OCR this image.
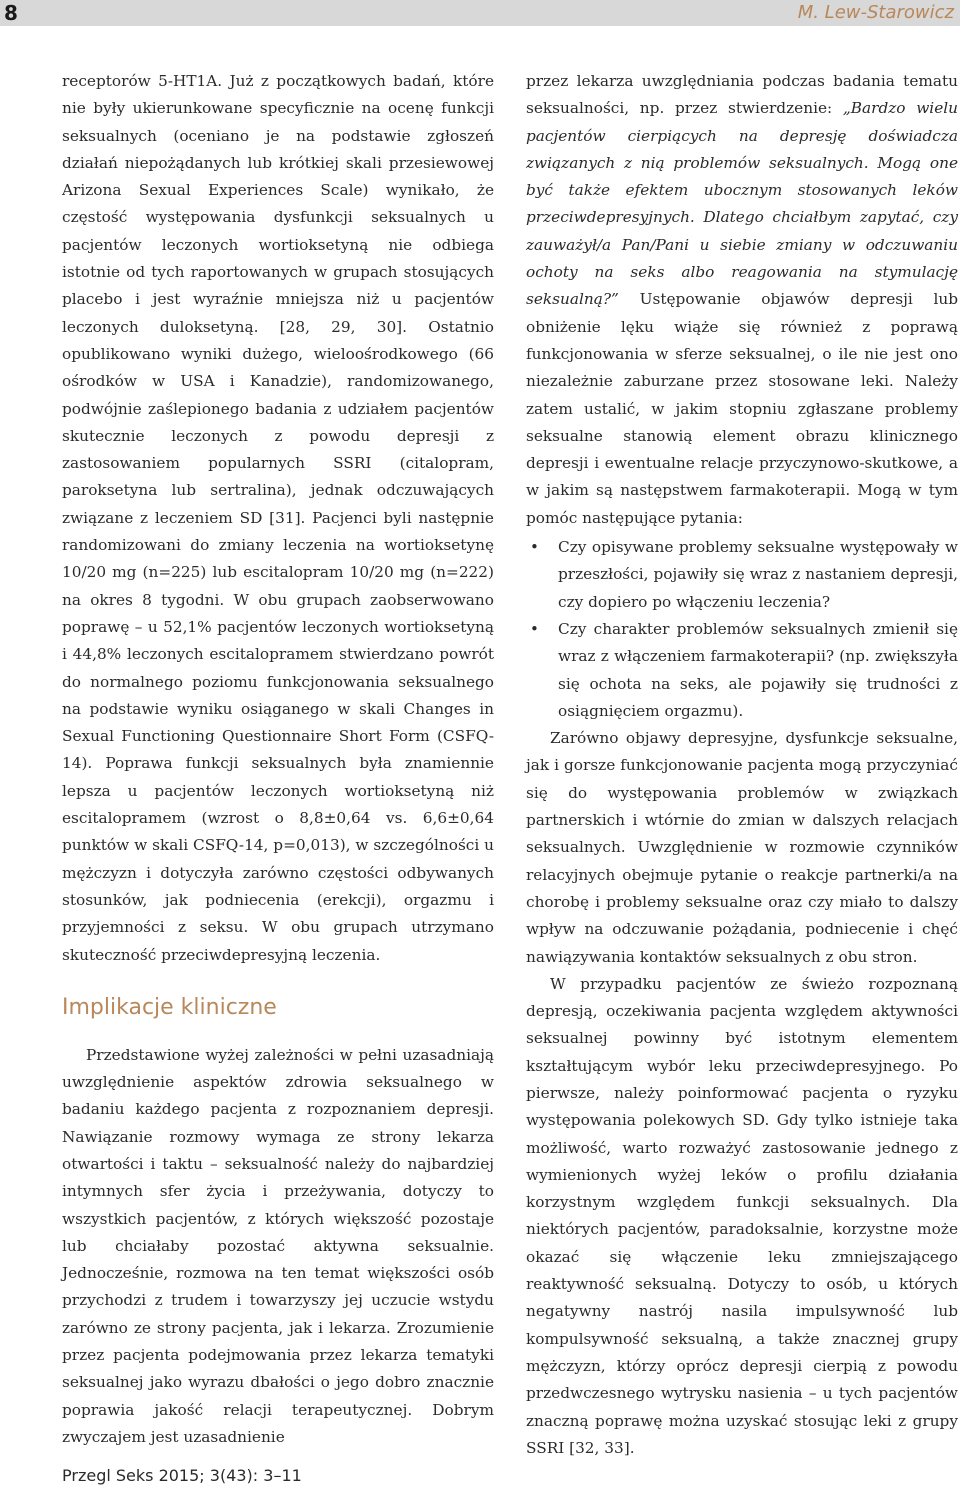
8	M. Lew-Starowicz

receptorów 5-HT1A. Już z początkowych badań, które nie były ukierunkowane specyficznie na ocenę funkcji seksualnych (oceniano je na podstawie zgłoszeń działań niepożądanych lub krótkiej skali przesiewowej Arizona Sexual Experiences Scale) wynikało, że częstość występowania dysfunkcji seksualnych u pacjentów leczonych wortioksetyną nie odbiega istotnie od tych raportowanych w grupach stosujących placebo i jest wyraźnie mniejsza niż u pacjentów leczonych duloksetyną. [28, 29, 30]. Ostatnio opublikowano wyniki dużego, wieloośrodkowego (66 ośrodków w USA i Kanadzie), randomizowanego, podwójnie zaślepionego badania z udziałem pacjentów skutecznie leczonych z powodu depresji z zastosowaniem popularnych SSRI (citalopram, paroksetyna lub sertralina), jednak odczuwających związane z leczeniem SD [31]. Pacjenci byli następnie randomizowani do zmiany leczenia na wortioksetynę 10/20 mg (n=225) lub escitalopram 10/20 mg (n=222) na okres 8 tygodni. W obu grupach zaobserwowano poprawę – u 52,1% pacjentów leczonych wortioksetyną i 44,8% leczonych escitalopramem stwierdzano powrót do normalnego poziomu funkcjonowania seksualnego na podstawie wyniku osiąganego w skali Changes in Sexual Functioning Questionnaire Short Form (CSFQ-14). Poprawa funkcji seksualnych była znamiennie lepsza u pacjentów leczonych wortioksetyną niż escitalopramem (wzrost o 8,8±0,64 vs. 6,6±0,64 punktów w skali CSFQ-14, p=0,013), w szczególności u mężczyzn i dotyczyła zarówno częstości odbywanych stosunków, jak podniecenia (erekcji), orgazmu i przyjemności z seksu. W obu grupach utrzymano skuteczność przeciwdepresyjną leczenia.

Implikacje kliniczne

Przedstawione wyżej zależności w pełni uzasadniają uwzględnienie aspektów zdrowia seksualnego w badaniu każdego pacjenta z rozpoznaniem depresji. Nawiązanie rozmowy wymaga ze strony lekarza otwartości i taktu – seksualność należy do najbardziej intymnych sfer życia i przeżywania, dotyczy to wszystkich pacjentów, z których większość pozostaje lub chciałaby pozostać aktywna seksualnie. Jednocześnie, rozmowa na ten temat większości osób przychodzi z trudem i towarzyszy jej uczucie wstydu zarówno ze strony pacjenta, jak i lekarza. Zrozumienie przez pacjenta podejmowania przez lekarza tematyki seksualnej jako wyrazu dbałości o jego dobro znacznie poprawia jakość relacji terapeutycznej. Dobrym zwyczajem jest uzasadnienie

przez lekarza uwzględniania podczas badania tematu seksualności, np. przez stwierdzenie: „Bardzo wielu pacjentów cierpiących na depresję doświadcza związanych z nią problemów seksualnych. Mogą one być także efektem ubocznym stosowanych leków przeciwdepresyjnych. Dlatego chciałbym zapytać, czy zauważył/a Pan/Pani u siebie zmiany w odczuwaniu ochoty na seks albo reagowania na stymulację seksualną?” Ustępowanie objawów depresji lub obniżenie lęku wiąże się również z poprawą funkcjonowania w sferze seksualnej, o ile nie jest ono niezależnie zaburzane przez stosowane leki. Należy zatem ustalić, w jakim stopniu zgłaszane problemy seksualne stanowią element obrazu klinicznego depresji i ewentualne relacje przyczynowo-skutkowe, a w jakim są następstwem farmakoterapii. Mogą w tym pomóc następujące pytania:

• Czy opisywane problemy seksualne występowały w przeszłości, pojawiły się wraz z nastaniem depresji, czy dopiero po włączeniu leczenia?
• Czy charakter problemów seksualnych zmienił się wraz z włączeniem farmakoterapii? (np. zwiększyła się ochota na seks, ale pojawiły się trudności z osiągnięciem orgazmu).

Zarówno objawy depresyjne, dysfunkcje seksualne, jak i gorsze funkcjonowanie pacjenta mogą przyczyniać się do występowania problemów w związkach partnerskich i wtórnie do zmian w dalszych relacjach seksualnych. Uwzględnienie w rozmowie czynników relacyjnych obejmuje pytanie o reakcje partnerki/a na chorobę i problemy seksualne oraz czy miało to dalszy wpływ na odczuwanie pożądania, podniecenie i chęć nawiązywania kontaktów seksualnych z obu stron.

W przypadku pacjentów ze świeżo rozpoznaną depresją, oczekiwania pacjenta względem aktywności seksualnej powinny być istotnym elementem kształtującym wybór leku przeciwdepresyjnego. Po pierwsze, należy poinformować pacjenta o ryzyku występowania polekowych SD. Gdy tylko istnieje taka możliwość, warto rozważyć zastosowanie jednego z wymienionych wyżej leków o profilu działania korzystnym względem funkcji seksualnych. Dla niektórych pacjentów, paradoksalnie, korzystne może okazać się włączenie leku zmniejszającego reaktywność seksualną. Dotyczy to osób, u których negatywny nastrój nasila impulsywność lub kompulsywność seksualną, a także znacznej grupy mężczyzn, którzy oprócz depresji cierpią z powodu przedwczesnego wytrysku nasienia – u tych pacjentów znaczną poprawę można uzyskać stosując leki z grupy SSRI [32, 33].

Przegl Seks 2015; 3(43): 3–11
